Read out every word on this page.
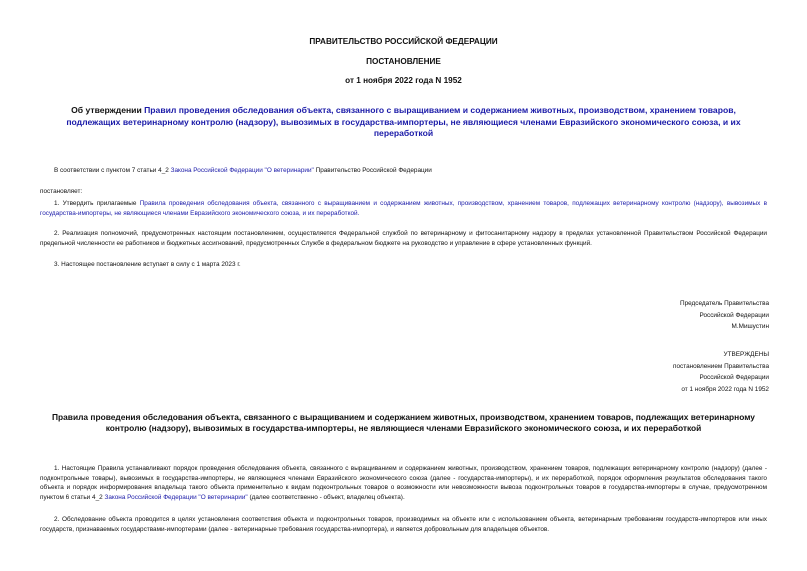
ПРАВИТЕЛЬСТВО РОССИЙСКОЙ ФЕДЕРАЦИИ
ПОСТАНОВЛЕНИЕ
от 1 ноября 2022 года N 1952
Об утверждении Правил проведения обследования объекта, связанного с выращиванием и содержанием животных, производством, хранением товаров, подлежащих ветеринарному контролю (надзору), вывозимых в государства-импортеры, не являющиеся членами Евразийского экономического союза, и их переработкой
В соответствии с пунктом 7 статьи 4_2 Закона Российской Федерации "О ветеринарии" Правительство Российской Федерации
постановляет:
1. Утвердить прилагаемые Правила проведения обследования объекта, связанного с выращиванием и содержанием животных, производством, хранением товаров, подлежащих ветеринарному контролю (надзору), вывозимых в государства-импортеры, не являющиеся членами Евразийского экономического союза, и их переработкой.
2. Реализация полномочий, предусмотренных настоящим постановлением, осуществляется Федеральной службой по ветеринарному и фитосанитарному надзору в пределах установленной Правительством Российской Федерации предельной численности ее работников и бюджетных ассигнований, предусмотренных Службе в федеральном бюджете на руководство и управление в сфере установленных функций.
3. Настоящее постановление вступает в силу с 1 марта 2023 г.
Председатель Правительства
Российской Федерации
М.Мишустин
УТВЕРЖДЕНЫ
постановлением Правительства
Российской Федерации
от 1 ноября 2022 года N 1952
Правила проведения обследования объекта, связанного с выращиванием и содержанием животных, производством, хранением товаров, подлежащих ветеринарному контролю (надзору), вывозимых в государства-импортеры, не являющиеся членами Евразийского экономического союза, и их переработкой
1. Настоящие Правила устанавливают порядок проведения обследования объекта, связанного с выращиванием и содержанием животных, производством, хранением товаров, подлежащих ветеринарному контролю (надзору) (далее - подконтрольные товары), вывозимых в государства-импортеры, не являющиеся членами Евразийского экономического союза (далее - государства-импортеры), и их переработкой, порядок оформления результатов обследования такого объекта и порядок информирования владельца такого объекта применительно к видам подконтрольных товаров о возможности или невозможности вывоза подконтрольных товаров в государства-импортеры в случае, предусмотренном пунктом 6 статьи 4_2 Закона Российской Федерации "О ветеринарии" (далее соответственно - объект, владелец объекта).
2. Обследование объекта проводится в целях установления соответствия объекта и подконтрольных товаров, производимых на объекте или с использованием объекта, ветеринарным требованиям государств-импортеров или иных государств, признаваемых государствами-импортерами (далее - ветеринарные требования государства-импортера), и является добровольным для владельцев объектов.
